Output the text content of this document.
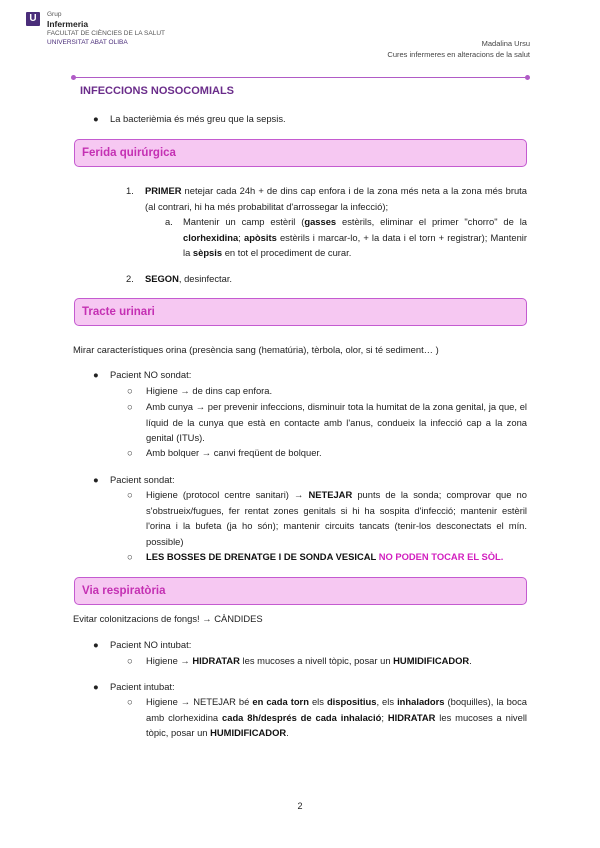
U	Grup
Infermeria
FACULTAT DE CIÈNCIES DE LA SALUT
UNIVERSITAT ABAT OLIBA	Madalina Ursu
Cures infermeres en alteracions de la salut
INFECCIONS NOSOCOMIALS
● La bacterièmia és més greu que la sepsis.
Ferida quirúrgica
1. PRIMER netejar cada 24h + de dins cap enfora i de la zona més neta a la zona més bruta (al contrari, hi ha més probabilitat d'arrossegar la infecció);
a. Mantenir un camp estèril (gasses estèrils, eliminar el primer "chorro" de la clorhexidina; apòsits estèrils i marcar-lo, + la data i el torn + registrar); Mantenir la sèpsis en tot el procediment de curar.
2. SEGON, desinfectar.
Tracte urinari
Mirar característiques orina (presència sang (hematúria), tèrbola, olor, si té sediment… )
● Pacient NO sondat:
○ Higiene → de dins cap enfora.
○ Amb cunya → per prevenir infeccions, disminuir tota la humitat de la zona genital, ja que, el líquid de la cunya que està en contacte amb l'anus, condueix la infecció cap a la zona genital (ITUs).
○ Amb bolquer → canvi freqüent de bolquer.
● Pacient sondat:
○ Higiene (protocol centre sanitari) → NETEJAR punts de la sonda; comprovar que no s'obstrueix/fugues, fer rentat zones genitals si hi ha sospita d'infecció; mantenir estèril l'orina i la bufeta (ja ho són); mantenir circuits tancats (tenir-los desconectats el mín. possible)
○ LES BOSSES DE DRENATGE I DE SONDA VESICAL NO PODEN TOCAR EL SÒL.
Via respiratòria
Evitar colonitzacions de fongs! → CÀNDIDES
● Pacient NO intubat:
○ Higiene → HIDRATAR les mucoses a nivell tòpic, posar un HUMIDIFICADOR.
● Pacient intubat:
○ Higiene → NETEJAR bé en cada torn els dispositius, els inhaladors (boquilles), la boca amb clorhexidina cada 8h/després de cada inhalació; HIDRATAR les mucoses a nivell tòpic, posar un HUMIDIFICADOR.
2
